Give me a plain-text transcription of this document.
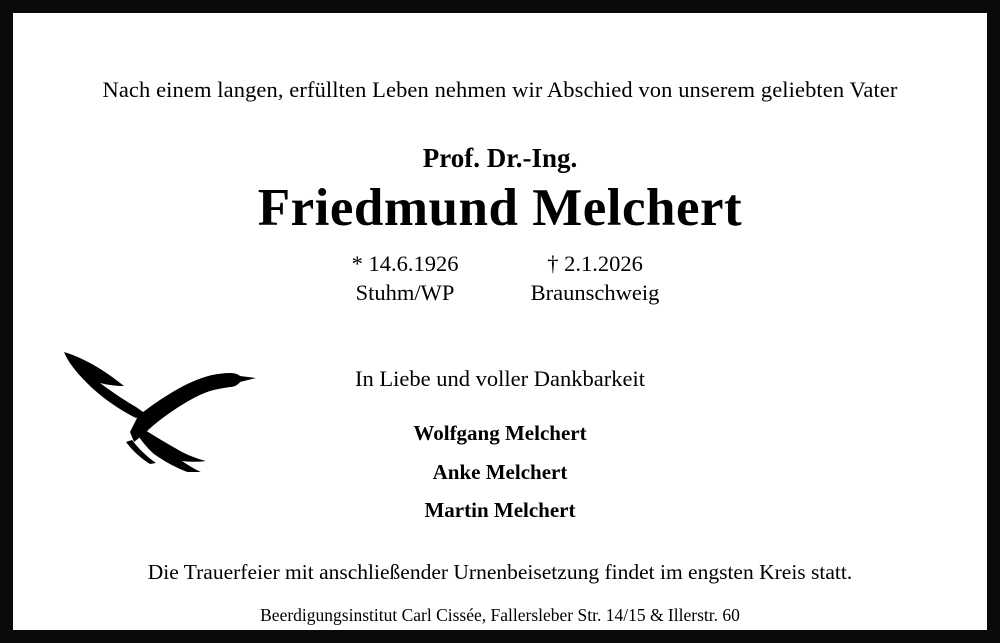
Nach einem langen, erfüllten Leben nehmen wir Abschied von unserem geliebten Vater
Prof. Dr.-Ing.
Friedmund Melchert
* 14.6.1926
Stuhm/WP
† 2.1.2026
Braunschweig
In Liebe und voller Dankbarkeit
Wolfgang Melchert
Anke Melchert
Martin Melchert
Die Trauerfeier mit anschließender Urnenbeisetzung findet im engsten Kreis statt.
Beerdigungsinstitut Carl Cissée, Fallersleber Str. 14/15 & Illerstr. 60
